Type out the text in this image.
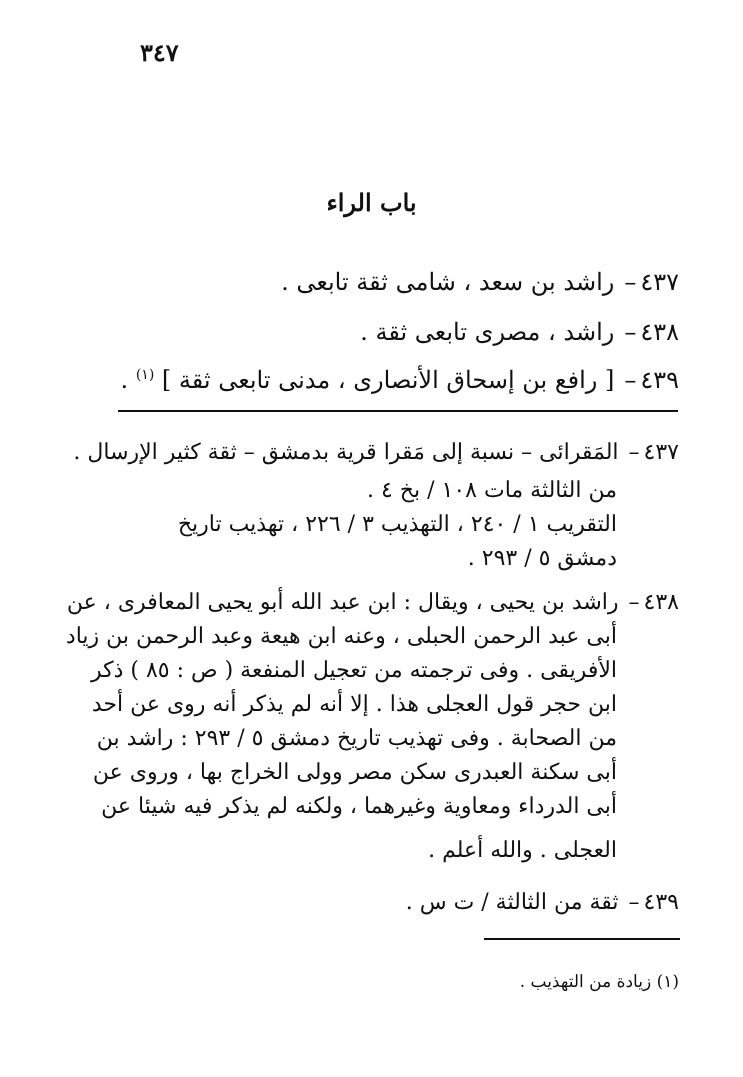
٣٤٧
باب الراء
٤٣٧–راشد بن سعد ، شامى ثقة تابعى .
٤٣٨–راشد ، مصرى تابعى ثقة .
٤٣٩–[ رافع بن إسحاق الأنصارى ، مدنى تابعى ثقة ] $^{(١)}$ .
٤٣٧–المَقرائى – نسبة إلى مَقرا قرية بدمشق – ثقة كثير الإرسال .
من الثالثة مات ١٠٨ / بخ ٤ .
التقريب ١ / ٢٤٠ ، التهذيب ٣ / ٢٢٦ ، تهذيب تاريخ
دمشق ٥ / ٢٩٣ .
٤٣٨–راشد بن يحيى ، ويقال : ابن عبد الله أبو يحيى المعافرى ، عن
أبى عبد الرحمن الحبلى ، وعنه ابن هيعة وعبد الرحمن بن زياد
الأفريقى . وفى ترجمته من تعجيل المنفعة ( ص : ٨٥ ) ذكر
ابن حجر قول العجلى هذا . إلا أنه لم يذكر أنه روى عن أحد
من الصحابة . وفى تهذيب تاريخ دمشق ٥ / ٢٩٣ : راشد بن
أبى سكنة العبدرى سكن مصر وولى الخراج بها ، وروى عن
أبى الدرداء ومعاوية وغيرهما ، ولكنه لم يذكر فيه شيئا عن
العجلى . والله أعلم .
٤٣٩–ثقة من الثالثة / ت س .
(١) زيادة من التهذيب .
